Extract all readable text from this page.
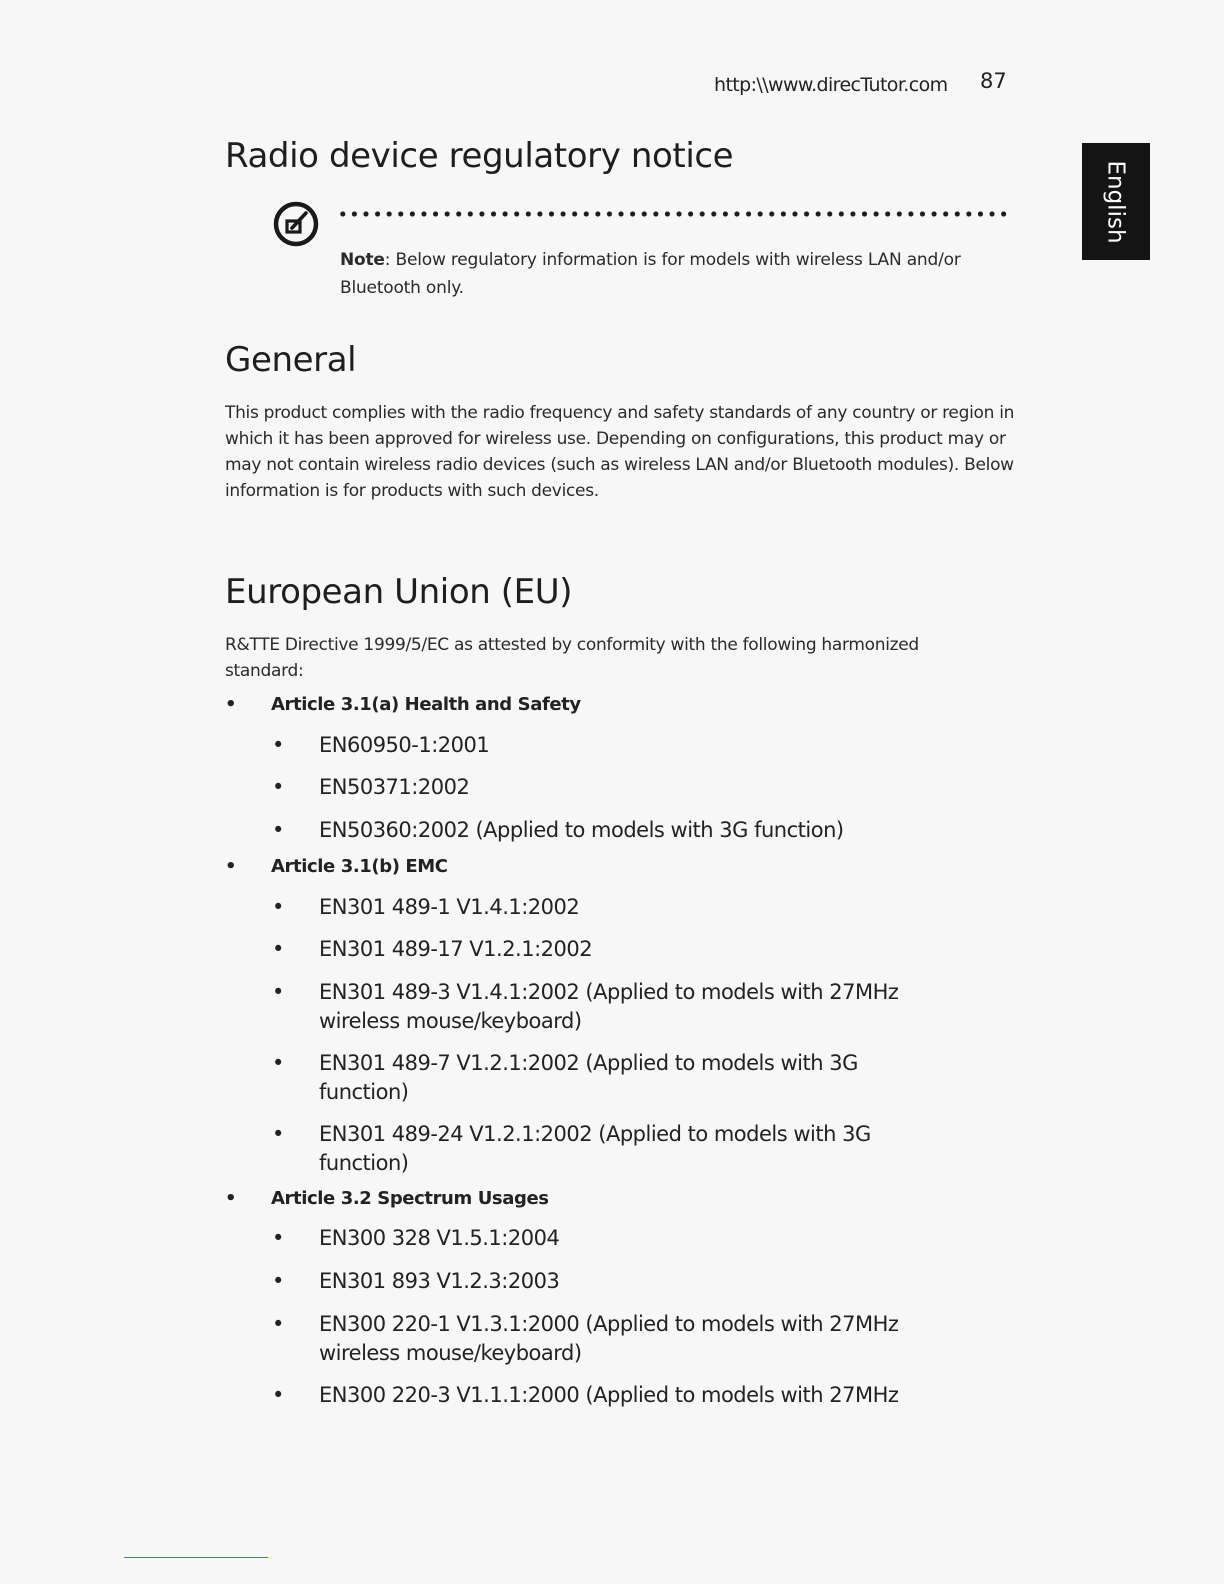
http:\\www.direcTutor.com 87
English
Radio device regulatory notice
Note: Below regulatory information is for models with wireless LAN and/or Bluetooth only.
General
This product complies with the radio frequency and safety standards of any country or region in which it has been approved for wireless use. Depending on configurations, this product may or may not contain wireless radio devices (such as wireless LAN and/or Bluetooth modules). Below information is for products with such devices.
European Union (EU)
R&TTE Directive 1999/5/EC as attested by conformity with the following harmonized standard:
• Article 3.1(a) Health and Safety
• EN60950-1:2001
• EN50371:2002
• EN50360:2002 (Applied to models with 3G function)
• Article 3.1(b) EMC
• EN301 489-1 V1.4.1:2002
• EN301 489-17 V1.2.1:2002
• EN301 489-3 V1.4.1:2002 (Applied to models with 27MHz wireless mouse/keyboard)
• EN301 489-7 V1.2.1:2002 (Applied to models with 3G function)
• EN301 489-24 V1.2.1:2002 (Applied to models with 3G function)
• Article 3.2 Spectrum Usages
• EN300 328 V1.5.1:2004
• EN301 893 V1.2.3:2003
• EN300 220-1 V1.3.1:2000 (Applied to models with 27MHz wireless mouse/keyboard)
• EN300 220-3 V1.1.1:2000 (Applied to models with 27MHz
